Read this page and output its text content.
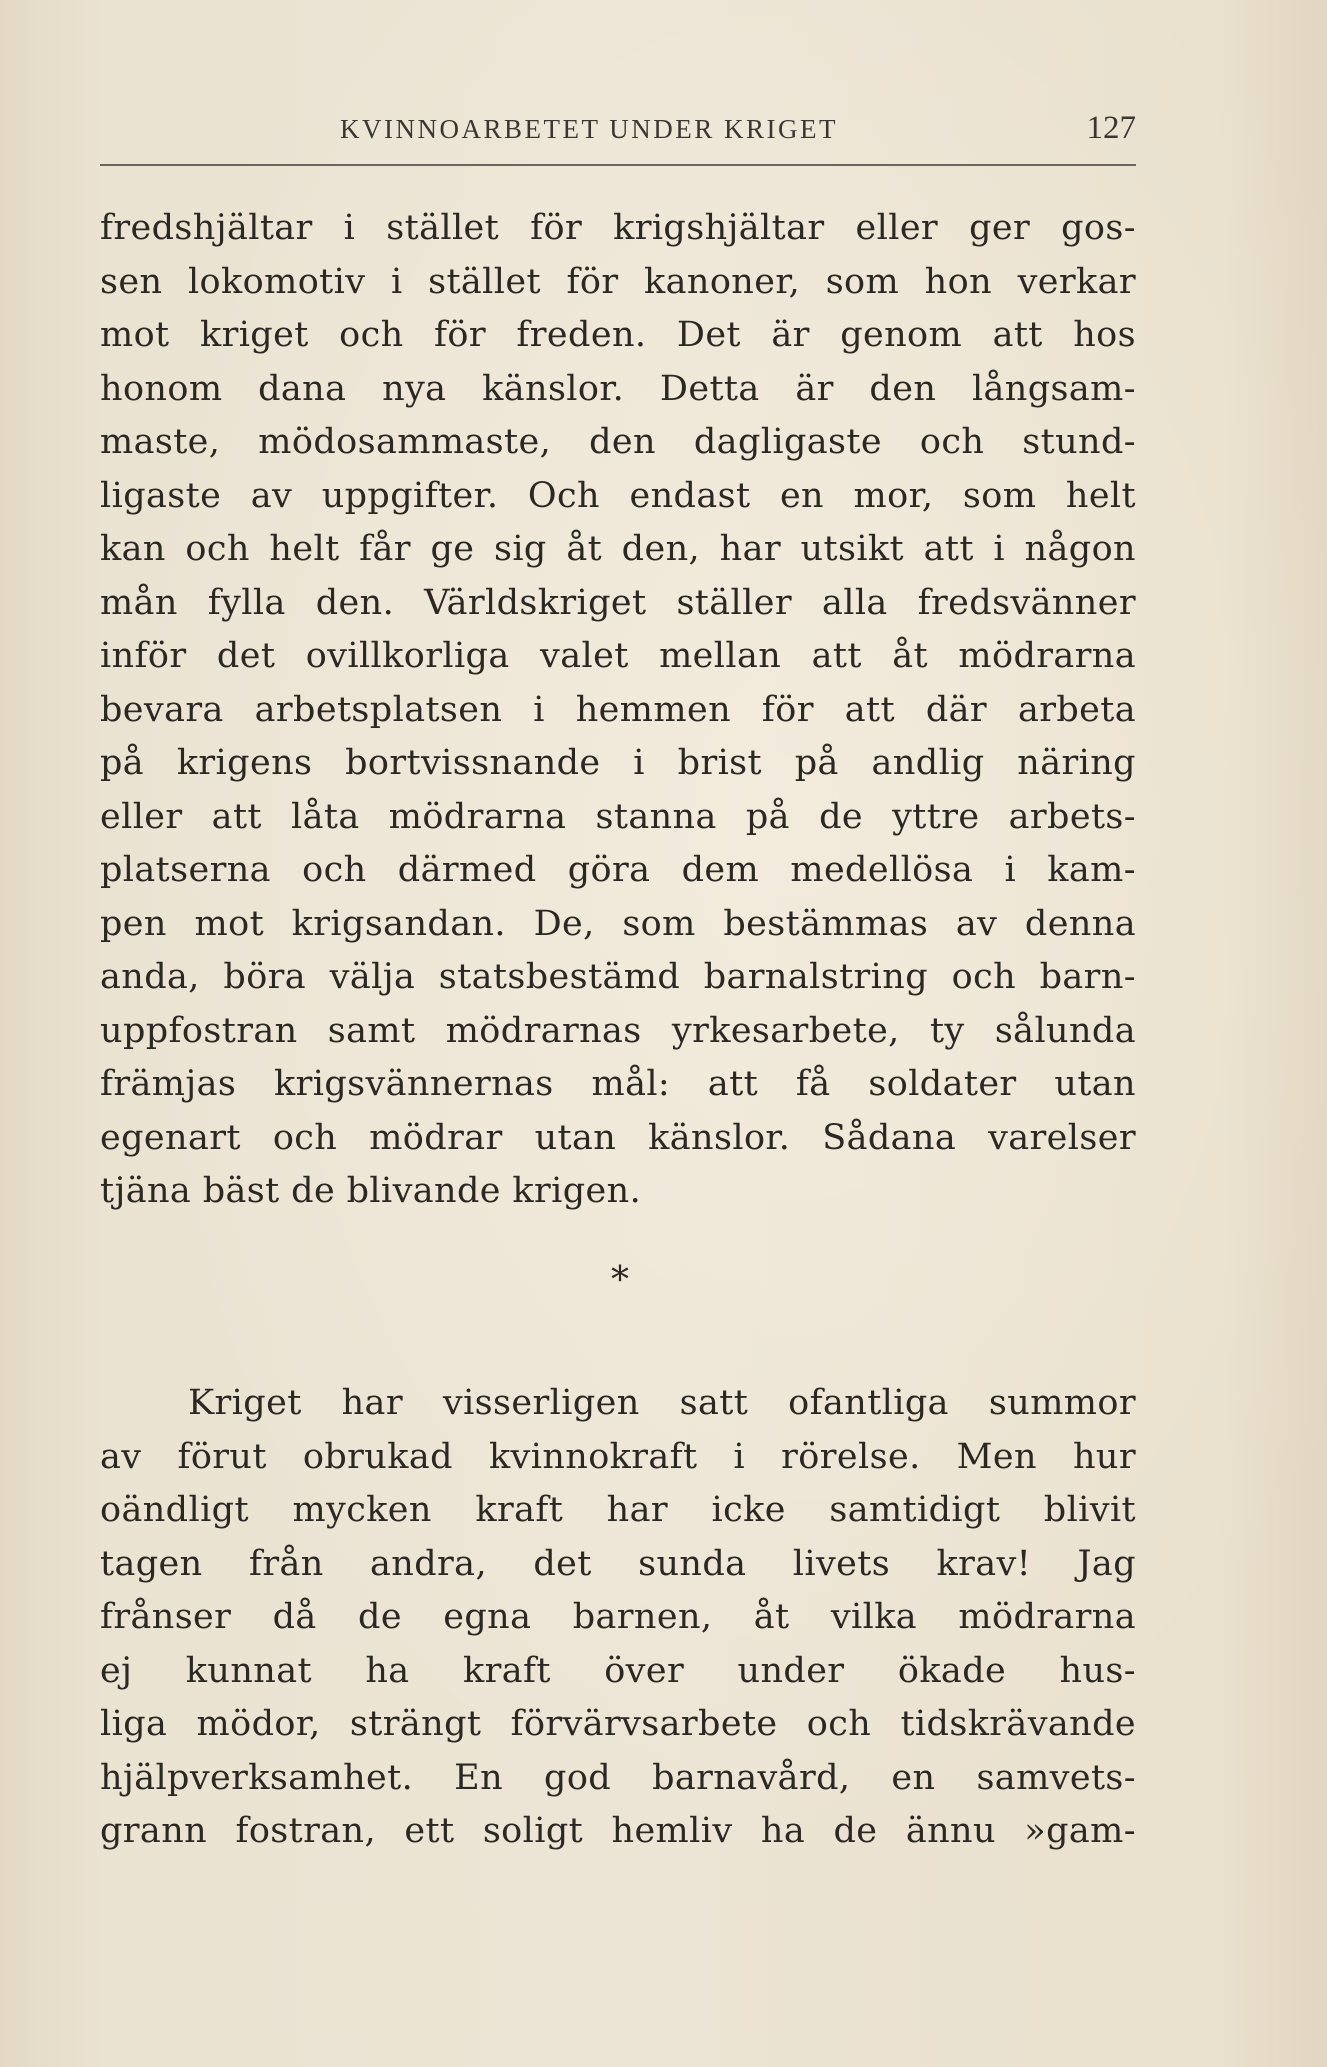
KVINNOARBETET UNDER KRIGET	127
fredshjältar i stället för krigshjältar eller ger gos-
sen lokomotiv i stället för kanoner, som hon verkar
mot kriget och för freden. Det är genom att hos
honom dana nya känslor. Detta är den långsam-
maste, mödosammaste, den dagligaste och stund-
ligaste av uppgifter. Och endast en mor, som helt
kan och helt får ge sig åt den, har utsikt att i någon
mån fylla den. Världskriget ställer alla fredsvänner
inför det ovillkorliga valet mellan att åt mödrarna
bevara arbetsplatsen i hemmen för att där arbeta
på krigens bortvissnande i brist på andlig näring
eller att låta mödrarna stanna på de yttre arbets-
platserna och därmed göra dem medellösa i kam-
pen mot krigsandan. De, som bestämmas av denna
anda, böra välja statsbestämd barnalstring och barn-
uppfostran samt mödrarnas yrkesarbete, ty sålunda
främjas krigsvännernas mål: att få soldater utan
egenart och mödrar utan känslor. Sådana varelser
tjäna bäst de blivande krigen.
*
Kriget har visserligen satt ofantliga summor
av förut obrukad kvinnokraft i rörelse. Men hur
oändligt mycken kraft har icke samtidigt blivit
tagen från andra, det sunda livets krav! Jag
frånser då de egna barnen, åt vilka mödrarna
ej kunnat ha kraft över under ökade hus-
liga mödor, strängt förvärvsarbete och tidskrävande
hjälpverksamhet. En god barnavård, en samvets-
grann fostran, ett soligt hemliv ha de ännu »gam-
